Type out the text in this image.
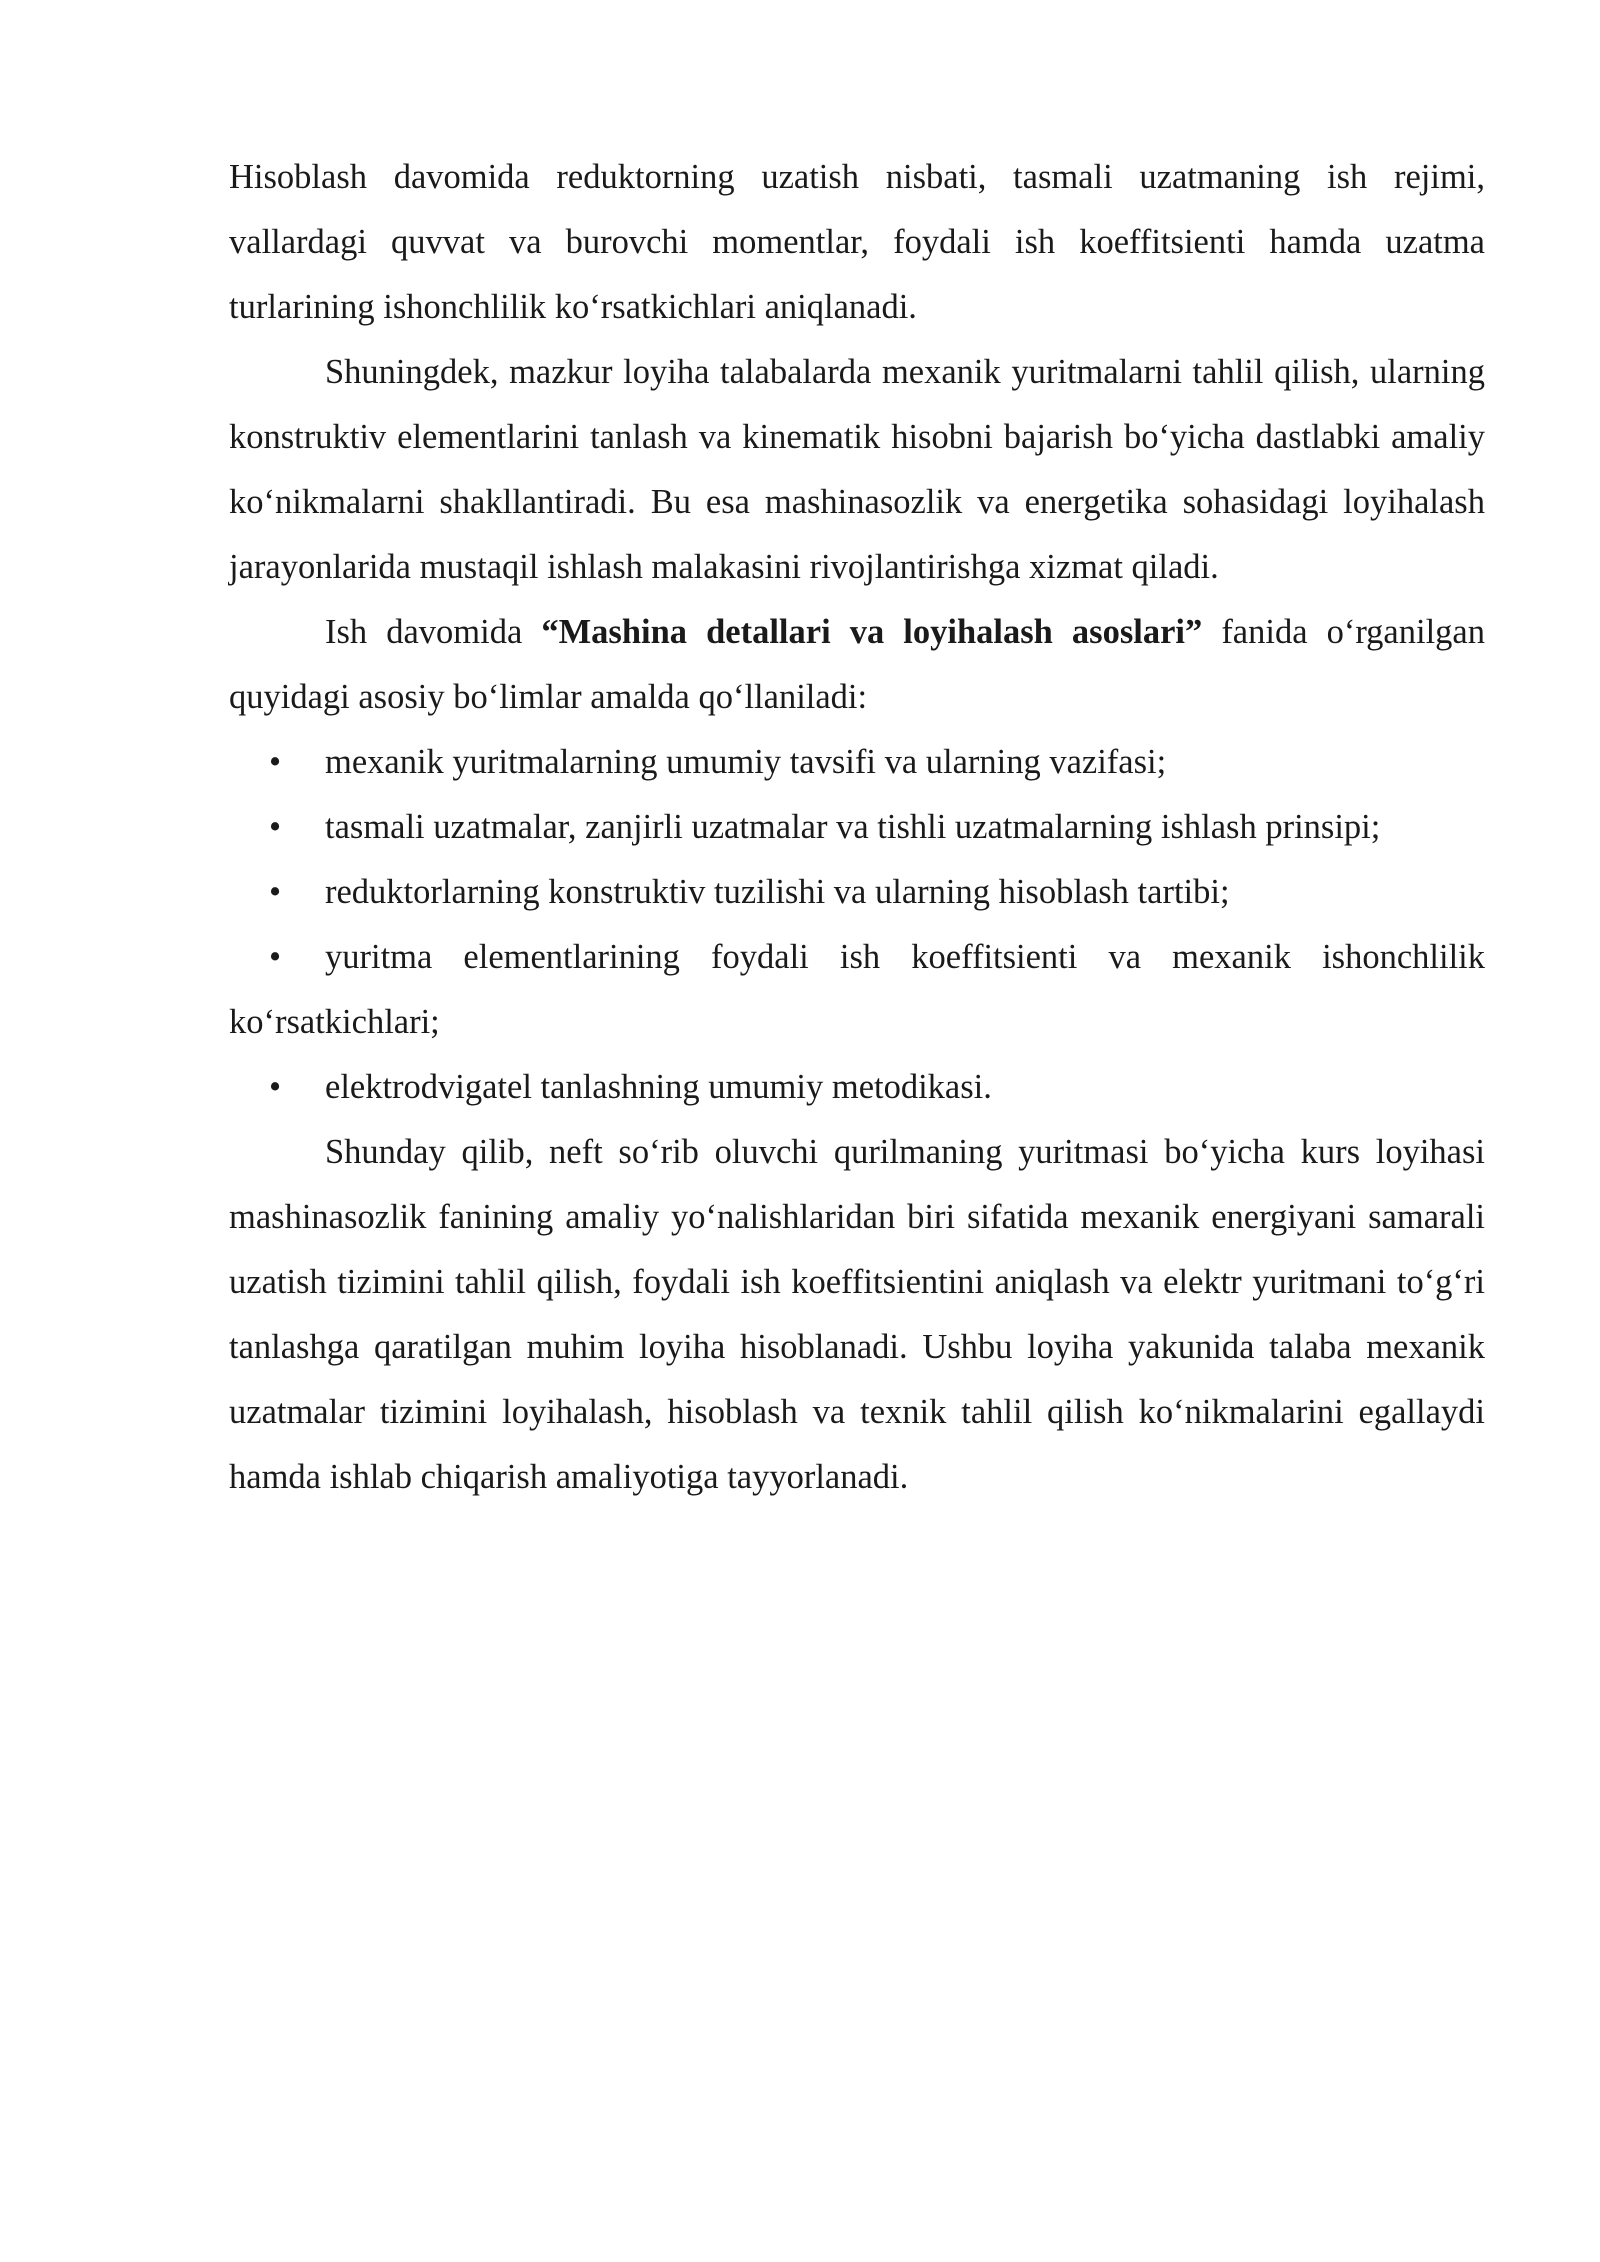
Hisoblash davomida reduktorning uzatish nisbati, tasmali uzatmaning ish rejimi, vallardagi quvvat va burovchi momentlar, foydali ish koeffitsienti hamda uzatma turlarining ishonchlilik ko‘rsatkichlari aniqlanadi.

Shuningdek, mazkur loyiha talabalarda mexanik yuritmalarni tahlil qilish, ularning konstruktiv elementlarini tanlash va kinematik hisobni bajarish bo‘yicha dastlabki amaliy ko‘nikmalarni shakllantiradi. Bu esa mashinasozlik va energetika sohasidagi loyihalash jarayonlarida mustaqil ishlash malakasini rivojlantirishga xizmat qiladi.

Ish davomida “Mashina detallari va loyihalash asoslari” fanida o‘rganilgan quyidagi asosiy bo‘limlar amalda qo‘llaniladi:

• mexanik yuritmalarning umumiy tavsifi va ularning vazifasi;
• tasmali uzatmalar, zanjirli uzatmalar va tishli uzatmalarning ishlash prinsipi;
• reduktorlarning konstruktiv tuzilishi va ularning hisoblash tartibi;
• yuritma elementlarining foydali ish koeffitsienti va mexanik ishonchlilik ko‘rsatkichlari;
• elektrodvigatel tanlashning umumiy metodikasi.

Shunday qilib, neft so‘rib oluvchi qurilmaning yuritmasi bo‘yicha kurs loyihasi mashinasozlik fanining amaliy yo‘nalishlaridan biri sifatida mexanik energiyani samarali uzatish tizimini tahlil qilish, foydali ish koeffitsientini aniqlash va elektr yuritmani to‘g‘ri tanlashga qaratilgan muhim loyiha hisoblanadi. Ushbu loyiha yakunida talaba mexanik uzatmalar tizimini loyihalash, hisoblash va texnik tahlil qilish ko‘nikmalarini egallaydi hamda ishlab chiqarish amaliyotiga tayyorlanadi.
